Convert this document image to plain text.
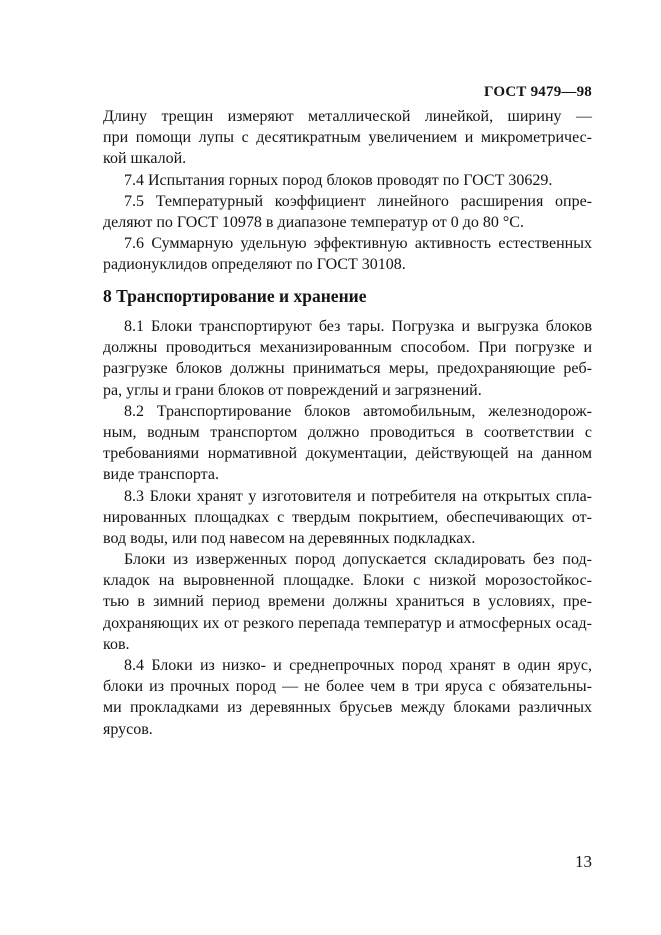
ГОСТ 9479—98
Длину трещин измеряют металлической линейкой, ширину —
при помощи лупы с десятикратным увеличением и микрометричес-
кой шкалой.
7.4 Испытания горных пород блоков проводят по ГОСТ 30629.
7.5 Температурный коэффициент линейного расширения опре-
деляют по ГОСТ 10978 в диапазоне температур от 0 до 80 °С.
7.6 Суммарную удельную эффективную активность естественных
радионуклидов определяют по ГОСТ 30108.
8 Транспортирование и хранение
8.1 Блоки транспортируют без тары. Погрузка и выгрузка блоков
должны проводиться механизированным способом. При погрузке и
разгрузке блоков должны приниматься меры, предохраняющие реб-
ра, углы и грани блоков от повреждений и загрязнений.
8.2 Транспортирование блоков автомобильным, железнодорож-
ным, водным транспортом должно проводиться в соответствии с
требованиями нормативной документации, действующей на данном
виде транспорта.
8.3 Блоки хранят у изготовителя и потребителя на открытых спла-
нированных площадках с твердым покрытием, обеспечивающих от-
вод воды, или под навесом на деревянных подкладках.
Блоки из изверженных пород допускается складировать без под-
кладок на выровненной площадке. Блоки с низкой морозостойкос-
тью в зимний период времени должны храниться в условиях, пре-
дохраняющих их от резкого перепада температур и атмосферных осад-
ков.
8.4 Блоки из низко- и среднепрочных пород хранят в один ярус,
блоки из прочных пород — не более чем в три яруса с обязательны-
ми прокладками из деревянных брусьев между блоками различных
ярусов.
13
